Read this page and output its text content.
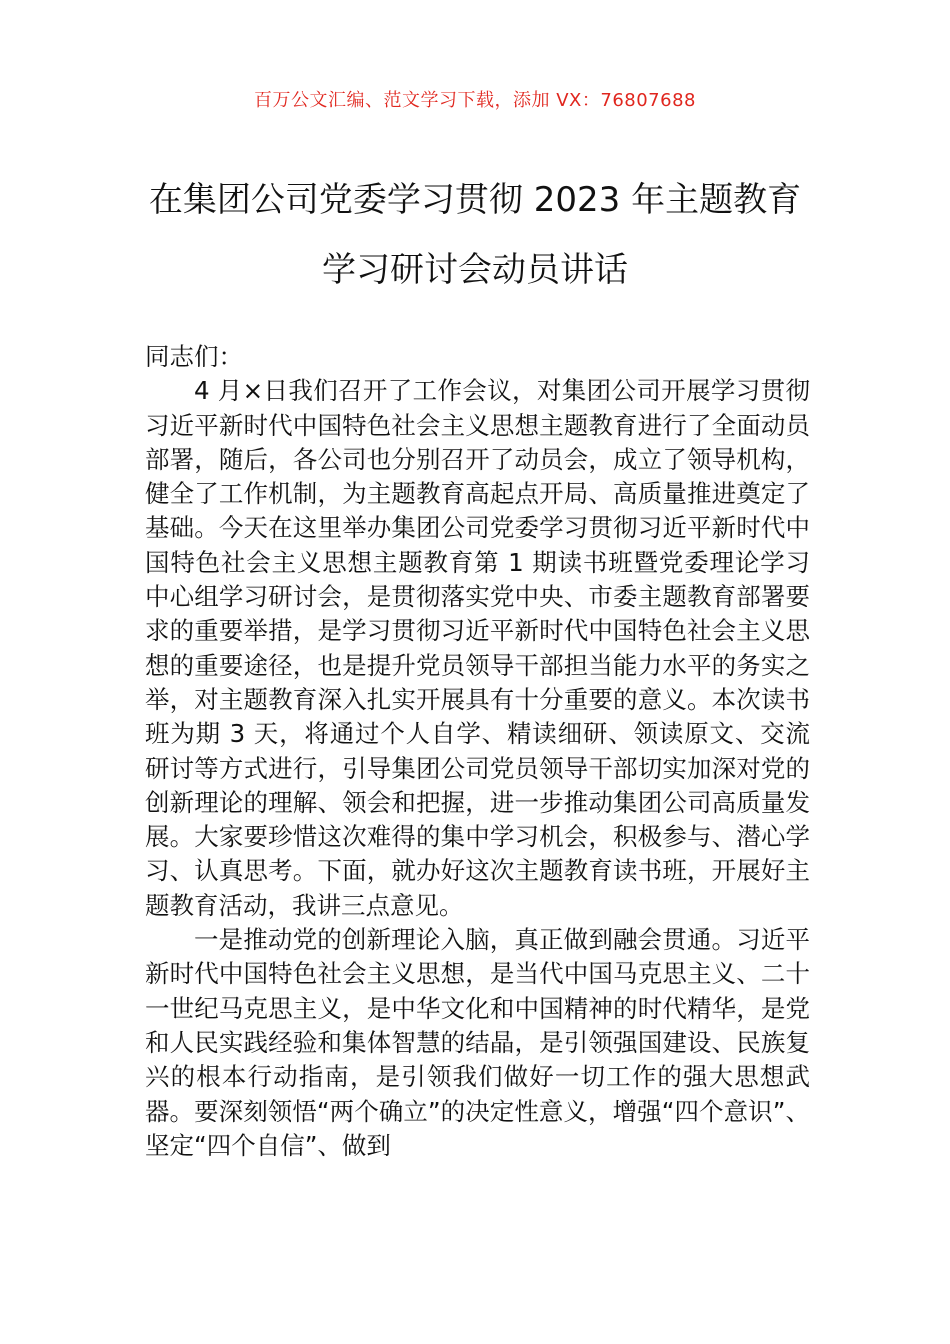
百万公文汇编、范文学习下载，添加 VX：76807688
在集团公司党委学习贯彻 2023 年主题教育
学习研讨会动员讲话

同志们：

4 月×日我们召开了工作会议，对集团公司开展学习贯彻习近平新时代中国特色社会主义思想主题教育进行了全面动员部署，随后，各公司也分别召开了动员会，成立了领导机构，健全了工作机制，为主题教育高起点开局、高质量推进奠定了基础。今天在这里举办集团公司党委学习贯彻习近平新时代中国特色社会主义思想主题教育第 1 期读书班暨党委理论学习中心组学习研讨会，是贯彻落实党中央、市委主题教育部署要求的重要举措，是学习贯彻习近平新时代中国特色社会主义思想的重要途径，也是提升党员领导干部担当能力水平的务实之举，对主题教育深入扎实开展具有十分重要的意义。本次读书班为期 3 天，将通过个人自学、精读细研、领读原文、交流研讨等方式进行，引导集团公司党员领导干部切实加深对党的创新理论的理解、领会和把握，进一步推动集团公司高质量发展。大家要珍惜这次难得的集中学习机会，积极参与、潜心学习、认真思考。下面，就办好这次主题教育读书班，开展好主题教育活动，我讲三点意见。

一是推动党的创新理论入脑，真正做到融会贯通。习近平新时代中国特色社会主义思想，是当代中国马克思主义、二十一世纪马克思主义，是中华文化和中国精神的时代精华，是党和人民实践经验和集体智慧的结晶，是引领强国建设、民族复兴的根本行动指南，是引领我们做好一切工作的强大思想武器。要深刻领悟“两个确立”的决定性意义，增强“四个意识”、坚定“四个自信”、做到
